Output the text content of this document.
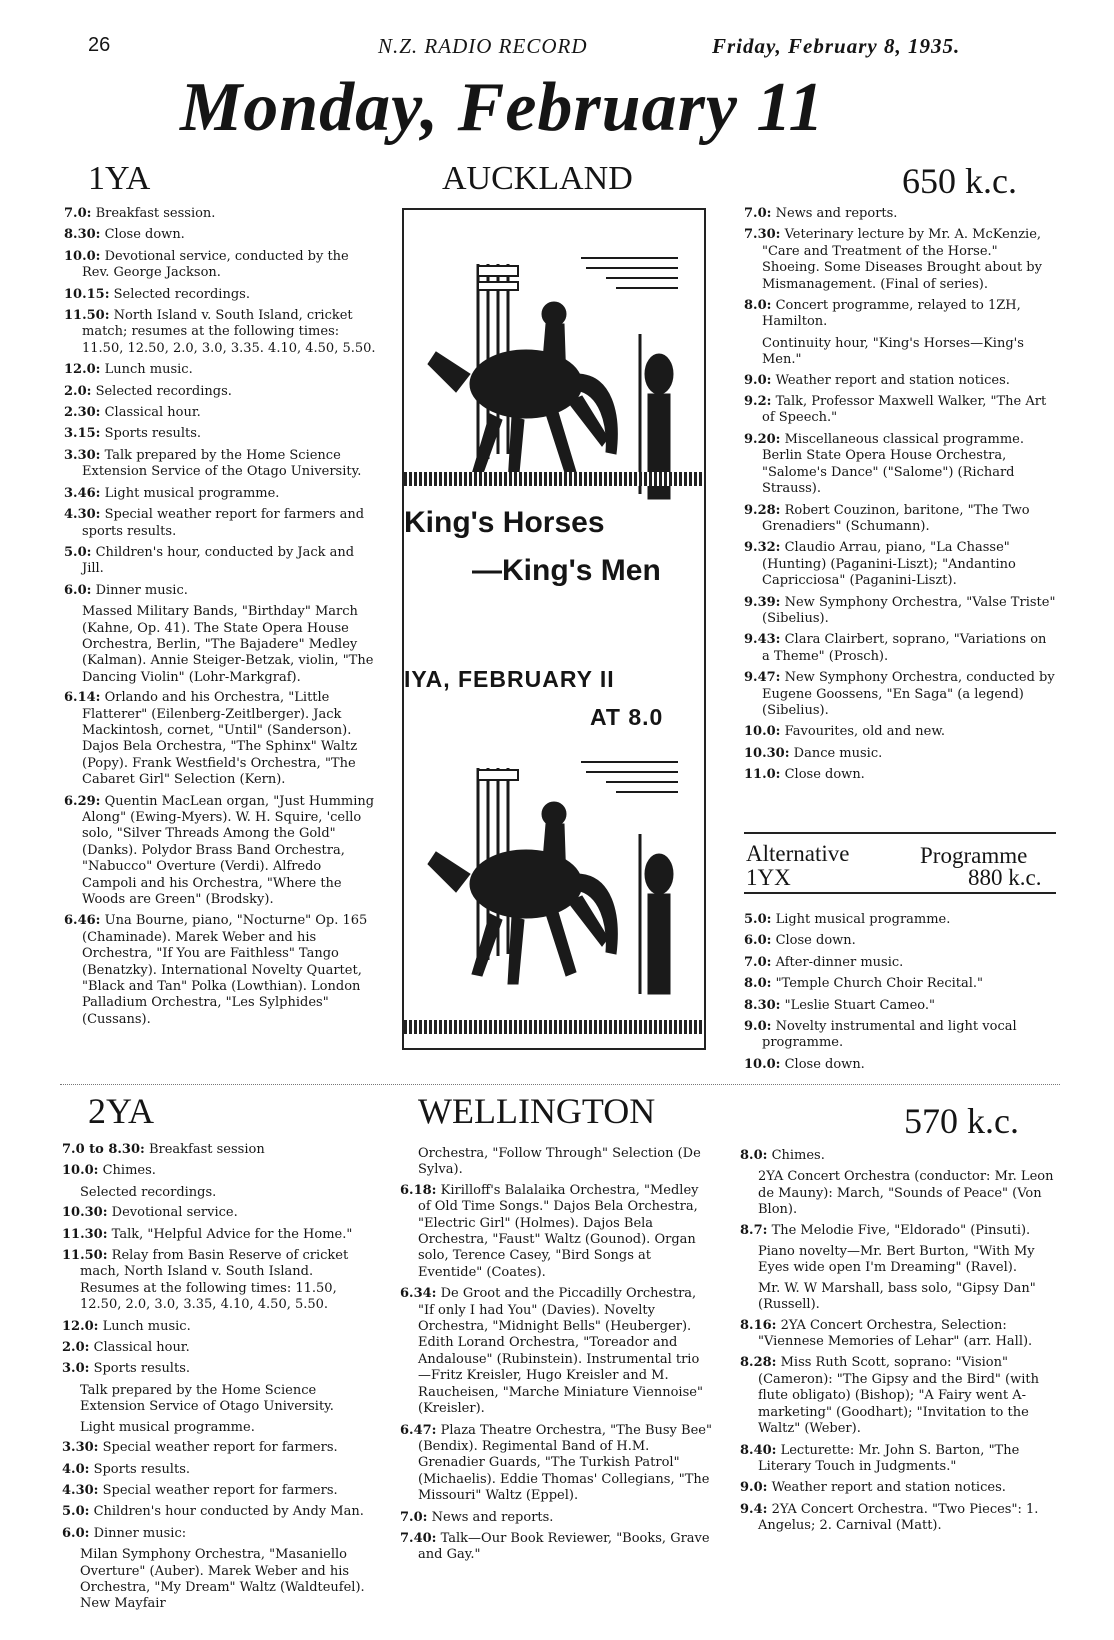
26	N.Z. RADIO RECORD	Friday, February 8, 1935.
Monday, February 11
1YA	AUCKLAND	650 k.c.
7.0: Breakfast session.
8.30: Close down.
10.0: Devotional service, conducted by the Rev. George Jackson.
10.15: Selected recordings.
11.50: North Island v. South Island, cricket match; resumes at the following times: 11.50, 12.50, 2.0, 3.0, 3.35. 4.10, 4.50, 5.50.
12.0: Lunch music.
2.0: Selected recordings.
2.30: Classical hour.
3.15: Sports results.
3.30: Talk prepared by the Home Science Extension Service of the Otago University.
3.46: Light musical programme.
4.30: Special weather report for farmers and sports results.
5.0: Children's hour, conducted by Jack and Jill.
6.0: Dinner music.
Massed Military Bands, "Birthday" March (Kahne, Op. 41). The State Opera House Orchestra, Berlin, "The Bajadere" Medley (Kalman). Annie Steiger-Betzak, violin, "The Dancing Violin" (Lohr-Markgraf).
6.14: Orlando and his Orchestra, "Little Flatterer" (Eilenberg-Zeitlberger). Jack Mackintosh, cornet, "Until" (Sanderson). Dajos Bela Orchestra, "The Sphinx" Waltz (Popy). Frank Westfield's Orchestra, "The Cabaret Girl" Selection (Kern).
6.29: Quentin MacLean organ, "Just Humming Along" (Ewing-Myers). W. H. Squire, 'cello solo, "Silver Threads Among the Gold" (Danks). Polydor Brass Band Orchestra, "Nabucco" Overture (Verdi). Alfredo Campoli and his Orchestra, "Where the Woods are Green" (Brodsky).
6.46: Una Bourne, piano, "Nocturne" Op. 165 (Chaminade). Marek Weber and his Orchestra, "If You are Faithless" Tango (Benatzky). International Novelty Quartet, "Black and Tan" Polka (Lowthian). London Palladium Orchestra, "Les Sylphides" (Cussans).
King's Horses
—King's Men
IYA, FEBRUARY II
AT 8.0
7.0: News and reports.
7.30: Veterinary lecture by Mr. A. McKenzie, "Care and Treatment of the Horse." Shoeing. Some Diseases Brought about by Mismanagement. (Final of series).
8.0: Concert programme, relayed to 1ZH, Hamilton.
Continuity hour, "King's Horses—King's Men."
9.0: Weather report and station notices.
9.2: Talk, Professor Maxwell Walker, "The Art of Speech."
9.20: Miscellaneous classical programme. Berlin State Opera House Orchestra, "Salome's Dance" ("Salome") (Richard Strauss).
9.28: Robert Couzinon, baritone, "The Two Grenadiers" (Schumann).
9.32: Claudio Arrau, piano, "La Chasse" (Hunting) (Paganini-Liszt); "Andantino Capricciosa" (Paganini-Liszt).
9.39: New Symphony Orchestra, "Valse Triste" (Sibelius).
9.43: Clara Clairbert, soprano, "Variations on a Theme" (Prosch).
9.47: New Symphony Orchestra, conducted by Eugene Goossens, "En Saga" (a legend) (Sibelius).
10.0: Favourites, old and new.
10.30: Dance music.
11.0: Close down.
Alternative	Programme
1YX	880 k.c.
5.0: Light musical programme.
6.0: Close down.
7.0: After-dinner music.
8.0: "Temple Church Choir Recital."
8.30: "Leslie Stuart Cameo."
9.0: Novelty instrumental and light vocal programme.
10.0: Close down.
2YA	WELLINGTON	570 k.c.
7.0 to 8.30: Breakfast session
10.0: Chimes.
Selected recordings.
10.30: Devotional service.
11.30: Talk, "Helpful Advice for the Home."
11.50: Relay from Basin Reserve of cricket mach, North Island v. South Island. Resumes at the following times: 11.50, 12.50, 2.0, 3.0, 3.35, 4.10, 4.50, 5.50.
12.0: Lunch music.
2.0: Classical hour.
3.0: Sports results.
Talk prepared by the Home Science Extension Service of Otago University.
Light musical programme.
3.30: Special weather report for farmers.
4.0: Sports results.
4.30: Special weather report for farmers.
5.0: Children's hour conducted by Andy Man.
6.0: Dinner music:
Milan Symphony Orchestra, "Masaniello Overture" (Auber). Marek Weber and his Orchestra, "My Dream" Waltz (Waldteufel). New Mayfair
Orchestra, "Follow Through" Selection (De Sylva).
6.18: Kirilloff's Balalaika Orchestra, "Medley of Old Time Songs." Dajos Bela Orchestra, "Electric Girl" (Holmes). Dajos Bela Orchestra, "Faust" Waltz (Gounod). Organ solo, Terence Casey, "Bird Songs at Eventide" (Coates).
6.34: De Groot and the Piccadilly Orchestra, "If only I had You" (Davies). Novelty Orchestra, "Midnight Bells" (Heuberger). Edith Lorand Orchestra, "Toreador and Andalouse" (Rubinstein). Instrumental trio—Fritz Kreisler, Hugo Kreisler and M. Raucheisen, "Marche Miniature Viennoise" (Kreisler).
6.47: Plaza Theatre Orchestra, "The Busy Bee" (Bendix). Regimental Band of H.M. Grenadier Guards, "The Turkish Patrol" (Michaelis). Eddie Thomas' Collegians, "The Missouri" Waltz (Eppel).
7.0: News and reports.
7.40: Talk—Our Book Reviewer, "Books, Grave and Gay."
8.0: Chimes.
2YA Concert Orchestra (conductor: Mr. Leon de Mauny): March, "Sounds of Peace" (Von Blon).
8.7: The Melodie Five, "Eldorado" (Pinsuti).
Piano novelty—Mr. Bert Burton, "With My Eyes wide open I'm Dreaming" (Ravel).
Mr. W. W Marshall, bass solo, "Gipsy Dan" (Russell).
8.16: 2YA Concert Orchestra, Selection: "Viennese Memories of Lehar" (arr. Hall).
8.28: Miss Ruth Scott, soprano: "Vision" (Cameron): "The Gipsy and the Bird" (with flute obligato) (Bishop); "A Fairy went A-marketing" (Goodhart); "Invitation to the Waltz" (Weber).
8.40: Lecturette: Mr. John S. Barton, "The Literary Touch in Judgments."
9.0: Weather report and station notices.
9.4: 2YA Concert Orchestra. "Two Pieces": 1. Angelus; 2. Carnival (Matt).
